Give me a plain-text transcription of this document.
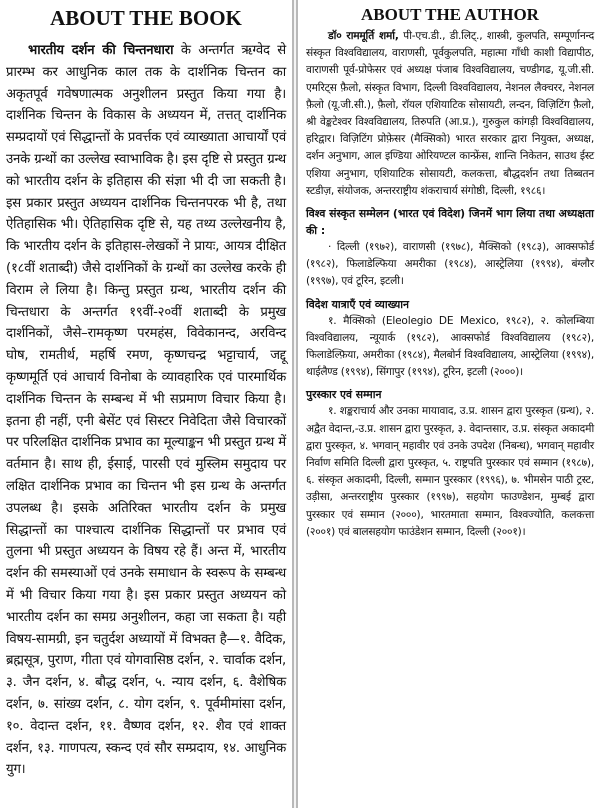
ABOUT THE BOOK

भारतीय दर्शन की चिन्तनधारा के अन्तर्गत ऋग्वेद से प्रारम्भ कर आधुनिक काल तक के दार्शनिक चिन्तन का अकृतपूर्व गवेषणात्मक अनुशीलन प्रस्तुत किया गया है। दार्शनिक चिन्तन के विकास के अध्ययन में, तत्तत् दार्शनिक सम्प्रदायों एवं सिद्धान्तों के प्रवर्त्तक एवं व्याख्याता आचार्यों एवं उनके ग्रन्थों का उल्लेख स्वाभाविक है। इस दृष्टि से प्रस्तुत ग्रन्थ को भारतीय दर्शन के इतिहास की संज्ञा भी दी जा सकती है। इस प्रकार प्रस्तुत अध्ययन दार्शनिक चिन्तनपरक भी है, तथा ऐतिहासिक भी। ऐतिहासिक दृष्टि से, यह तथ्य उल्लेखनीय है, कि भारतीय दर्शन के इतिहास-लेखकों ने प्रायः, आयत्र दीक्षित (१८वीं शताब्दी) जैसे दार्शनिकों के ग्रन्थों का उल्लेख करके ही विराम ले लिया है। किन्तु प्रस्तुत ग्रन्थ, भारतीय दर्शन की चिन्तधारा के अन्तर्गत १९वीं-२०वीं शताब्दी के प्रमुख दार्शनिकों, जैसे–रामकृष्ण परमहंस, विवेकानन्द, अरविन्द घोष, रामतीर्थ, महर्षि रमण, कृष्णचन्द्र भट्टाचार्य, जद्दू कृष्णमूर्ति एवं आचार्य विनोबा के व्यावहारिक एवं पारमार्थिक दार्शनिक चिन्तन के सम्बन्ध में भी सप्रमाण विचार किया है। इतना ही नहीं, एनी बेसेंट एवं सिस्टर निवेदिता जैसे विचारकों पर परिलक्षित दार्शनिक प्रभाव का मूल्याङ्कन भी प्रस्तुत ग्रन्थ में वर्तमान है। साथ ही, ईसाई, पारसी एवं मुस्लिम समुदाय पर लक्षित दार्शनिक प्रभाव का चिन्तन भी इस ग्रन्थ के अन्तर्गत उपलब्ध है। इसके अतिरिक्त भारतीय दर्शन के प्रमुख सिद्धान्तों का पाश्चात्य दार्शनिक सिद्धान्तों पर प्रभाव एवं तुलना भी प्रस्तुत अध्ययन के विषय रहे हैं। अन्त में, भारतीय दर्शन की समस्याओं एवं उनके समाधान के स्वरूप के सम्बन्ध में भी विचार किया गया है। इस प्रकार प्रस्तुत अध्ययन को भारतीय दर्शन का समग्र अनुशीलन, कहा जा सकता है। यही विषय-सामग्री, इन चतुर्दश अध्यायों में विभक्त है—१. वैदिक, ब्रह्मसूत्र, पुराण, गीता एवं योगवासिष्ठ दर्शन, २. चार्वाक दर्शन, ३. जैन दर्शन, ४. बौद्ध दर्शन, ५. न्याय दर्शन, ६. वैशेषिक दर्शन, ७. सांख्य दर्शन, ८. योग दर्शन, ९. पूर्वमीमांसा दर्शन, १०. वेदान्त दर्शन, ११. वैष्णव दर्शन, १२. शैव एवं शाक्त दर्शन, १३. गाणपत्य, स्कन्द एवं सौर सम्प्रदाय, १४. आधुनिक युग।

ABOUT THE AUTHOR

डॉ० राममूर्ति शर्मा, पी-एच.डी., डी.लिट्., शास्त्री, कुलपति, सम्पूर्णानन्द संस्कृत विश्वविद्यालय, वाराणसी, पूर्वकुलपति, महात्मा गाँधी काशी विद्यापीठ, वाराणसी पूर्व-प्रोफेसर एवं अध्यक्ष पंजाब विश्वविद्यालय, चण्डीगढ, यू.जी.सी. एमरिट्स फ़ैलो, संस्कृत विभाग, दिल्ली विश्वविद्यालय, नेशनल लैक्चरर, नेशनल फ़ैलो (यू.जी.सी.), फ़ैलो, रॉयल एशियाटिक सोसायटी, लन्दन, विज़िटिंग फ़ैलो, श्री वेङ्कटेश्वर विश्वविद्यालय, तिरुपति (आ.प्र.), गुरुकुल कांगड़ी विश्वविद्यालय, हरिद्वार। विज़िटिंग प्रोफ़ेसर (मैक्सिको) भारत सरकार द्वारा नियुक्त, अध्यक्ष, दर्शन अनुभाग, आल इण्डिया ओरियण्टल कान्फ्रेंस, शान्ति निकेतन, साउथ ईस्ट एशिया अनुभाग, एशियाटिक सोसायटी, कलकत्ता, बौद्धदर्शन तथा तिब्बतन स्टडीज़, संयोजक, अन्तरराष्ट्रीय शंकराचार्य संगोष्ठी, दिल्ली, १९८६।

विश्व संस्कृत सम्मेलन (भारत एवं विदेश) जिनमें भाग लिया तथा अध्यक्षता की :

· दिल्ली (१९७२), वाराणसी (१९७८), मैक्सिको (१९८३), आक्सफोर्ड (१९८२), फिलाडेल्फिया अमरीका (१९८४), आस्ट्रेलिया (१९९४), बंग्लौर (१९९७), एवं टूरिन, इटली।

विदेश यात्राएँ एवं व्याख्यान

१. मैक्सिको (Eleolegio DE Mexico, १९८२), २. कोलम्बिया विश्वविद्यालय, न्यूयार्क (१९८२), आक्सफोर्ड विश्वविद्यालय (१९८२), फिलाडेल्फ़िया, अमरीका (१९८४), मैलबोर्न विश्वविद्यालय, आस्ट्रेलिया (१९९४), थाईलैण्ड (१९९४), सिंगापुर (१९९४), टूरिन, इटली (२०००)।

पुरस्कार एवं सम्मान

१. शङ्कराचार्य और उनका मायावाद, उ.प्र. शासन द्वारा पुरस्कृत (ग्रन्थ), २. अद्वैत वेदान्त,-उ.प्र. शासन द्वारा पुरस्कृत, ३. वेदान्तसार, उ.प्र. संस्कृत अकादमी द्वारा पुरस्कृत, ४. भगवान् महावीर एवं उनके उपदेश (निबन्ध), भगवान् महावीर निर्वाण समिति दिल्ली द्वारा पुरस्कृत, ५. राष्ट्रपति पुरस्कार एवं सम्मान (१९८७), ६. संस्कृत अकादमी, दिल्ली, सम्मान पुरस्कार (१९९६), ७. भीमसेन पाठी ट्रस्ट, उड़ीसा, अन्तरराष्ट्रीय पुरस्कार (१९९७), सहयोग फाउण्डेशन, मुम्बई द्वारा पुरस्कार एवं सम्मान (२०००), भारतमाता सम्मान, विश्वज्योति, कलकत्ता (२००१) एवं बालसहयोग फाउंडेशन सम्मान, दिल्ली (२००१)।
